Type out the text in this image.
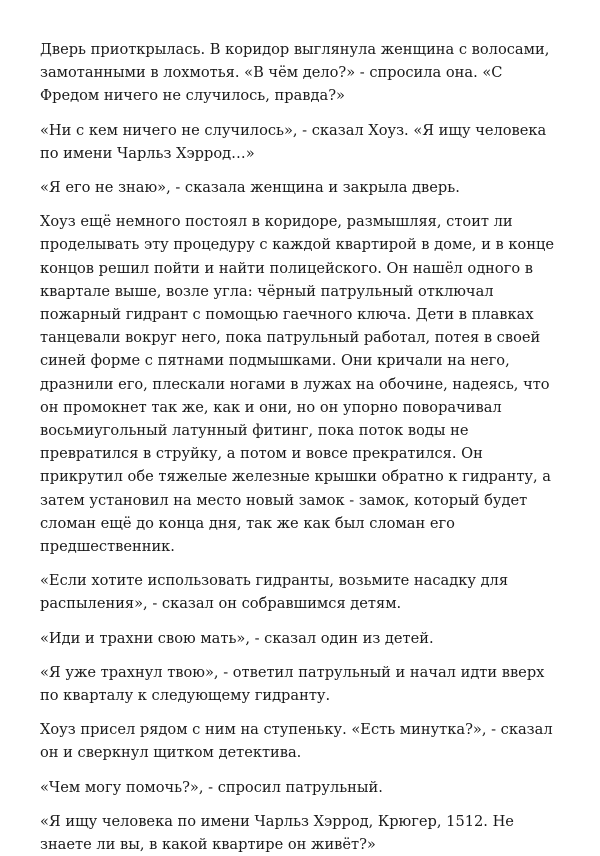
Дверь приоткрылась. В коридор выглянула женщина с волосами, замотанными в лохмотья. «В чём дело?» - спросила она. «С Фредом ничего не случилось, правда?»

«Ни с кем ничего не случилось», - сказал Хоуз. «Я ищу человека по имени Чарльз Хэррод…»

«Я его не знаю», - сказала женщина и закрыла дверь.

Хоуз ещё немного постоял в коридоре, размышляя, стоит ли проделывать эту процедуру с каждой квартирой в доме, и в конце концов решил пойти и найти полицейского. Он нашёл одного в квартале выше, возле угла: чёрный патрульный отключал пожарный гидрант с помощью гаечного ключа. Дети в плавках танцевали вокруг него, пока патрульный работал, потея в своей синей форме с пятнами подмышками. Они кричали на него, дразнили его, плескали ногами в лужах на обочине, надеясь, что он промокнет так же, как и они, но он упорно поворачивал восьмиугольный латунный фитинг, пока поток воды не превратился в струйку, а потом и вовсе прекратился. Он прикрутил обе тяжелые железные крышки обратно к гидранту, а затем установил на место новый замок - замок, который будет сломан ещё до конца дня, так же как был сломан его предшественник.

«Если хотите использовать гидранты, возьмите насадку для распыления», - сказал он собравшимся детям.

«Иди и трахни свою мать», - сказал один из детей.

«Я уже трахнул твою», - ответил патрульный и начал идти вверх по кварталу к следующему гидранту.

Хоуз присел рядом с ним на ступеньку. «Есть минутка?», - сказал он и сверкнул щитком детектива.

«Чем могу помочь?», - спросил патрульный.

«Я ищу человека по имени Чарльз Хэррод, Крюгер, 1512. Не знаете ли вы, в какой квартире он живёт?»
